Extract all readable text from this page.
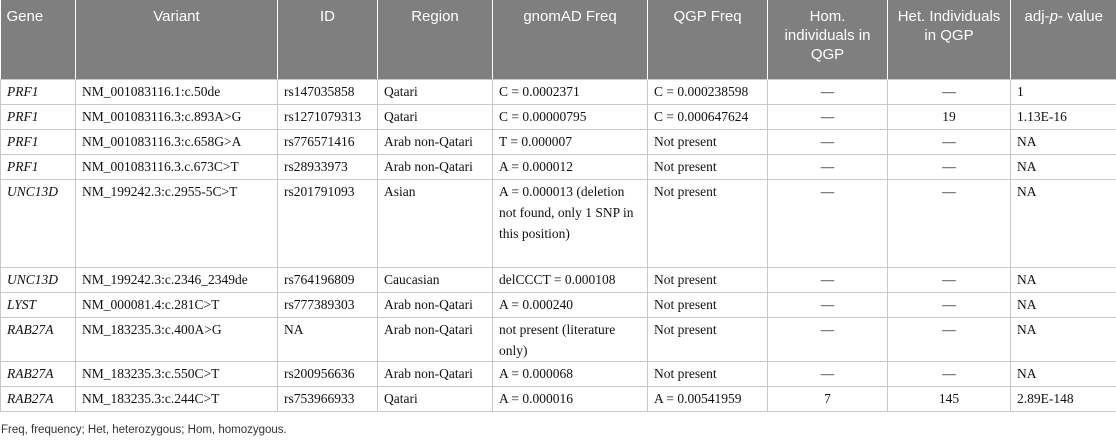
Gene	Variant	ID	Region	gnomAD Freq	QGP Freq	Hom. individuals in QGP	Het. Individuals in QGP	adj-p- value
PRF1	NM_001083116.1:c.50de	rs147035858	Qatari	C = 0.0002371	C = 0.000238598	—	—	1
PRF1	NM_001083116.3:c.893A>G	rs1271079313	Qatari	C = 0.00000795	C = 0.000647624	—	19	1.13E-16
PRF1	NM_001083116.3:c.658G>A	rs776571416	Arab non-Qatari	T = 0.000007	Not present	—	—	NA
PRF1	NM_001083116.3.c.673C>T	rs28933973	Arab non-Qatari	A = 0.000012	Not present	—	—	NA
UNC13D	NM_199242.3:c.2955-5C>T	rs201791093	Asian	A = 0.000013 (deletion not found, only 1 SNP in this position)	Not present	—	—	NA
UNC13D	NM_199242.3:c.2346_2349de	rs764196809	Caucasian	delCCCT = 0.000108	Not present	—	—	NA
LYST	NM_000081.4:c.281C>T	rs777389303	Arab non-Qatari	A = 0.000240	Not present	—	—	NA
RAB27A	NM_183235.3:c.400A>G	NA	Arab non-Qatari	not present (literature only)	Not present	—	—	NA
RAB27A	NM_183235.3:c.550C>T	rs200956636	Arab non-Qatari	A = 0.000068	Not present	—	—	NA
RAB27A	NM_183235.3:c.244C>T	rs753966933	Qatari	A = 0.000016	A = 0.00541959	7	145	2.89E-148
Freq, frequency; Het, heterozygous; Hom, homozygous.
